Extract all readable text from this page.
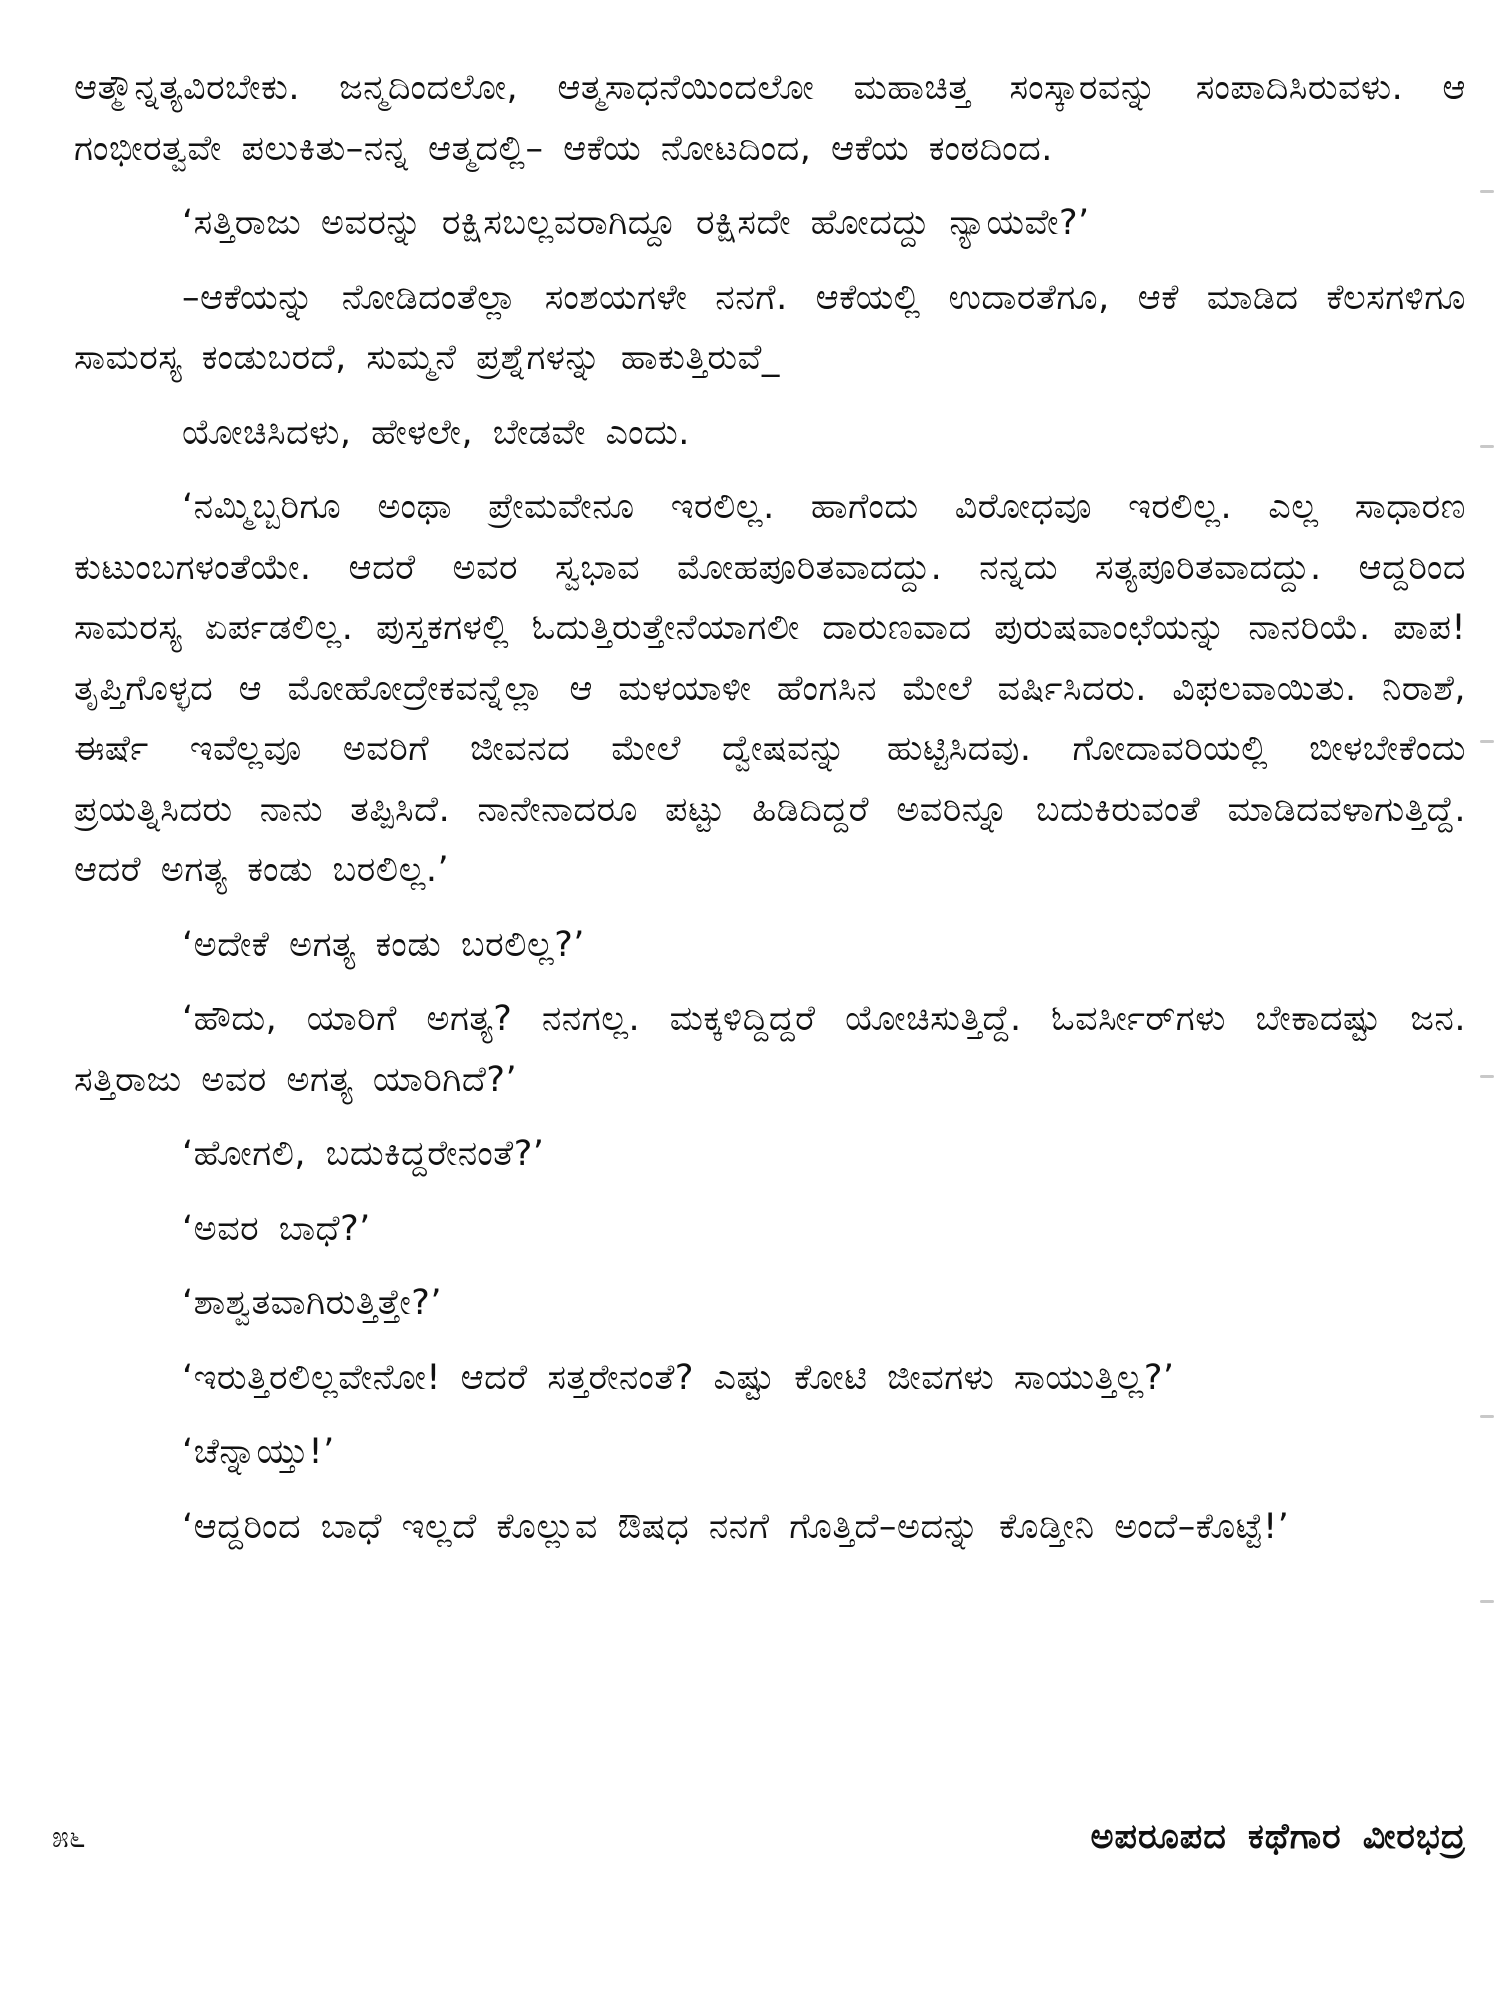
ಆತ್ಮೌನ್ನತ್ಯವಿರಬೇಕು. ಜನ್ಮದಿಂದಲೋ, ಆತ್ಮಸಾಧನೆಯಿಂದಲೋ ಮಹಾಚಿತ್ತ ಸಂಸ್ಕಾರವನ್ನು ಸಂಪಾದಿಸಿರುವಳು. ಆ ಗಂಭೀರತ್ವವೇ ಪಲುಕಿತು–ನನ್ನ ಆತ್ಮದಲ್ಲಿ– ಆಕೆಯ ನೋಟದಿಂದ, ಆಕೆಯ ಕಂಠದಿಂದ.

‘ಸತ್ತಿರಾಜು ಅವರನ್ನು ರಕ್ಷಿಸಬಲ್ಲವರಾಗಿದ್ದೂ ರಕ್ಷಿಸದೇ ಹೋದದ್ದು ನ್ಯಾಯವೇ?’

–ಆಕೆಯನ್ನು ನೋಡಿದಂತೆಲ್ಲಾ ಸಂಶಯಗಳೇ ನನಗೆ. ಆಕೆಯಲ್ಲಿ ಉದಾರತೆಗೂ, ಆಕೆ ಮಾಡಿದ ಕೆಲಸಗಳಿಗೂ ಸಾಮರಸ್ಯ ಕಂಡುಬರದೆ, ಸುಮ್ಮನೆ ಪ್ರಶ್ನೆಗಳನ್ನು ಹಾಕುತ್ತಿರುವೆ_

ಯೋಚಿಸಿದಳು, ಹೇಳಲೇ, ಬೇಡವೇ ಎಂದು.

‘ನಮ್ಮಿಬ್ಬರಿಗೂ ಅಂಥಾ ಪ್ರೇಮವೇನೂ ಇರಲಿಲ್ಲ. ಹಾಗೆಂದು ವಿರೋಧವೂ ಇರಲಿಲ್ಲ. ಎಲ್ಲ ಸಾಧಾರಣ ಕುಟುಂಬಗಳಂತೆಯೇ. ಆದರೆ ಅವರ ಸ್ವಭಾವ ಮೋಹಪೂರಿತವಾದದ್ದು. ನನ್ನದು ಸತ್ಯಪೂರಿತವಾದದ್ದು. ಆದ್ದರಿಂದ ಸಾಮರಸ್ಯ ಏರ್ಪಡಲಿಲ್ಲ. ಪುಸ್ತಕಗಳಲ್ಲಿ ಓದುತ್ತಿರುತ್ತೇನೆಯಾಗಲೀ ದಾರುಣವಾದ ಪುರುಷವಾಂಛೆಯನ್ನು ನಾನರಿಯೆ. ಪಾಪ! ತೃಪ್ತಿಗೊಳ್ಳದ ಆ ಮೋಹೋದ್ರೇಕವನ್ನೆಲ್ಲಾ ಆ ಮಳಯಾಳೀ ಹೆಂಗಸಿನ ಮೇಲೆ ವರ್ಷಿಸಿದರು. ವಿಫಲವಾಯಿತು. ನಿರಾಶೆ, ಈರ್ಷೆ ಇವೆಲ್ಲವೂ ಅವರಿಗೆ ಜೀವನದ ಮೇಲೆ ದ್ವೇಷವನ್ನು ಹುಟ್ಟಿಸಿದವು. ಗೋದಾವರಿಯಲ್ಲಿ ಬೀಳಬೇಕೆಂದು ಪ್ರಯತ್ನಿಸಿದರು ನಾನು ತಪ್ಪಿಸಿದೆ. ನಾನೇನಾದರೂ ಪಟ್ಟು ಹಿಡಿದಿದ್ದರೆ ಅವರಿನ್ನೂ ಬದುಕಿರುವಂತೆ ಮಾಡಿದವಳಾಗುತ್ತಿದ್ದೆ. ಆದರೆ ಅಗತ್ಯ ಕಂಡು ಬರಲಿಲ್ಲ.’

‘ಅದೇಕೆ ಅಗತ್ಯ ಕಂಡು ಬರಲಿಲ್ಲ?’

‘ಹೌದು, ಯಾರಿಗೆ ಅಗತ್ಯ? ನನಗಲ್ಲ. ಮಕ್ಕಳಿದ್ದಿದ್ದರೆ ಯೋಚಿಸುತ್ತಿದ್ದೆ. ಓವರ್ಸೀರ್‌ಗಳು ಬೇಕಾದಷ್ಟು ಜನ. ಸತ್ತಿರಾಜು ಅವರ ಅಗತ್ಯ ಯಾರಿಗಿದೆ?’

‘ಹೋಗಲಿ, ಬದುಕಿದ್ದರೇನಂತೆ?’

‘ಅವರ ಬಾಧೆ?’

‘ಶಾಶ್ವತವಾಗಿರುತ್ತಿತ್ತೇ?’

‘ಇರುತ್ತಿರಲಿಲ್ಲವೇನೋ! ಆದರೆ ಸತ್ತರೇನಂತೆ? ಎಷ್ಟು ಕೋಟಿ ಜೀವಗಳು ಸಾಯುತ್ತಿಲ್ಲ?’

‘ಚೆನ್ನಾಯ್ತು!’

‘ಆದ್ದರಿಂದ ಬಾಧೆ ಇಲ್ಲದೆ ಕೊಲ್ಲುವ ಔಷಧ ನನಗೆ ಗೊತ್ತಿದೆ–ಅದನ್ನು ಕೊಡ್ತೀನಿ ಅಂದೆ–ಕೊಟ್ಟೆ!’

೫೬	ಅಪರೂಪದ ಕಥೆಗಾರ ವೀರಭದ್ರ
